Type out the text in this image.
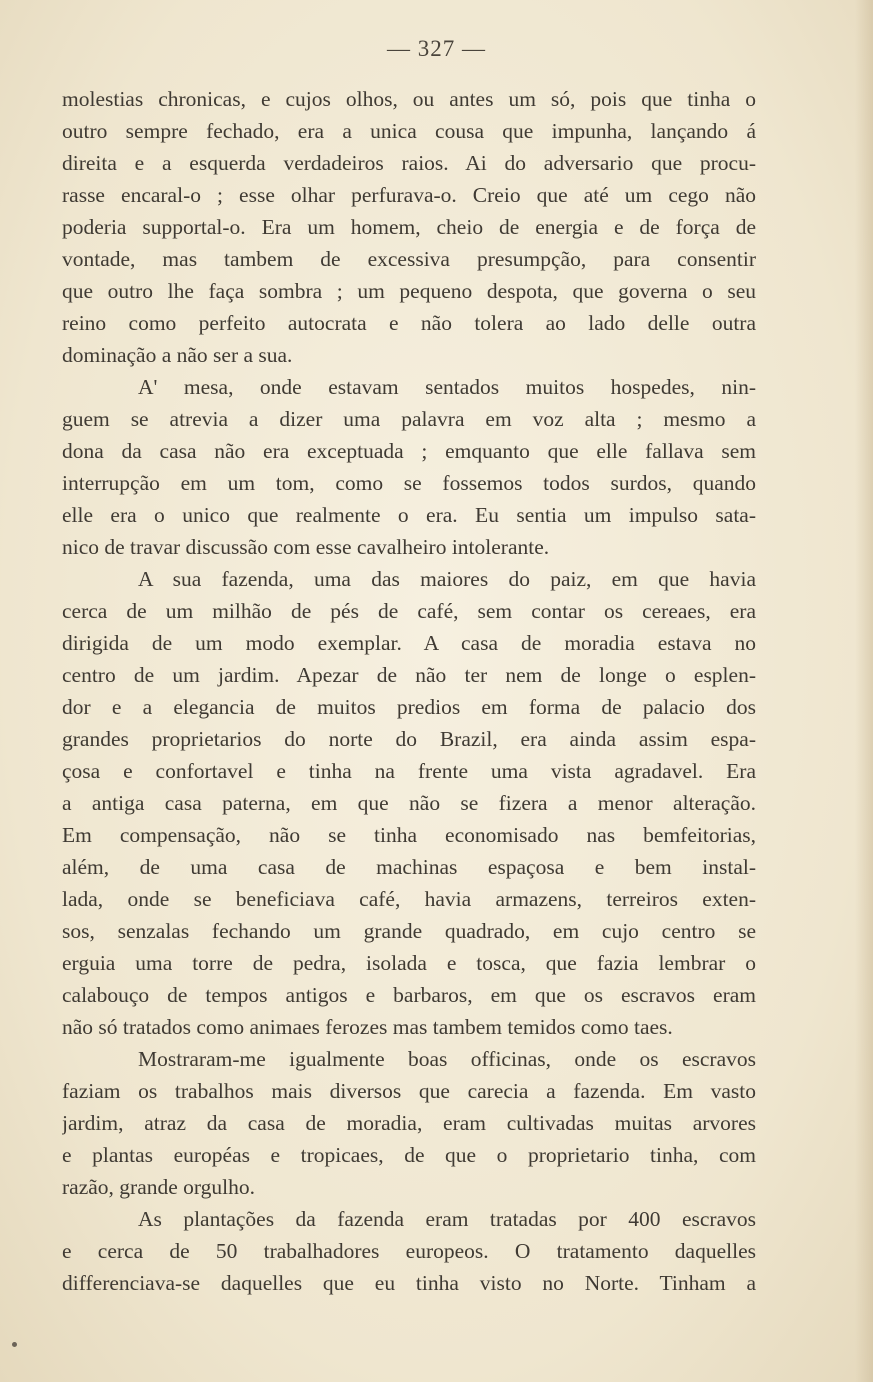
— 327 —
molestias chronicas, e cujos olhos, ou antes um só, pois que tinha o
outro sempre fechado, era a unica cousa que impunha, lançando á
direita e a esquerda verdadeiros raios. Ai do adversario que procu-
rasse encaral-o ; esse olhar perfurava-o. Creio que até um cego não
poderia supportal-o. Era um homem, cheio de energia e de força de
vontade, mas tambem de excessiva presumpção, para consentir
que outro lhe faça sombra ; um pequeno despota, que governa o seu
reino como perfeito autocrata e não tolera ao lado delle outra
dominação a não ser a sua.
A' mesa, onde estavam sentados muitos hospedes, nin-
guem se atrevia a dizer uma palavra em voz alta ; mesmo a
dona da casa não era exceptuada ; emquanto que elle fallava sem
interrupção em um tom, como se fossemos todos surdos, quando
elle era o unico que realmente o era. Eu sentia um impulso sata-
nico de travar discussão com esse cavalheiro intolerante.
A sua fazenda, uma das maiores do paiz, em que havia
cerca de um milhão de pés de café, sem contar os cereaes, era
dirigida de um modo exemplar. A casa de moradia estava no
centro de um jardim. Apezar de não ter nem de longe o esplen-
dor e a elegancia de muitos predios em forma de palacio dos
grandes proprietarios do norte do Brazil, era ainda assim espa-
çosa e confortavel e tinha na frente uma vista agradavel. Era
a antiga casa paterna, em que não se fizera a menor alteração.
Em compensação, não se tinha economisado nas bemfeitorias,
além, de uma casa de machinas espaçosa e bem instal-
lada, onde se beneficiava café, havia armazens, terreiros exten-
sos, senzalas fechando um grande quadrado, em cujo centro se
erguia uma torre de pedra, isolada e tosca, que fazia lembrar o
calabouço de tempos antigos e barbaros, em que os escravos eram
não só tratados como animaes ferozes mas tambem temidos como taes.
Mostraram-me igualmente boas officinas, onde os escravos
faziam os trabalhos mais diversos que carecia a fazenda. Em vasto
jardim, atraz da casa de moradia, eram cultivadas muitas arvores
e plantas européas e tropicaes, de que o proprietario tinha, com
razão, grande orgulho.
As plantações da fazenda eram tratadas por 400 escravos
e cerca de 50 trabalhadores europeos. O tratamento daquelles
differenciava-se daquelles que eu tinha visto no Norte. Tinham a
